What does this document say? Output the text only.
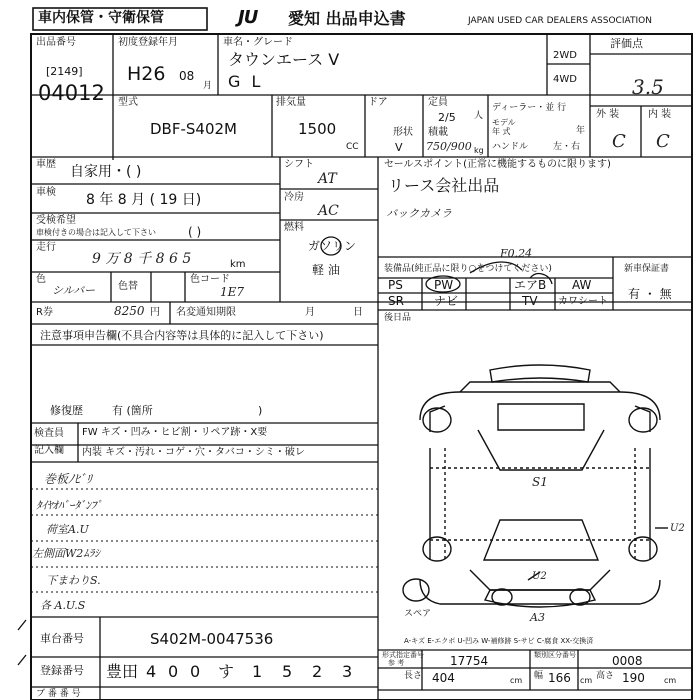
車内保管・守衛保管	JU 愛知 出品申込書	JAPAN USED CAR DEALERS ASSOCIATION
出品番号
[2149]
04012
初度登録年月
H26 08
月
車名・グレード
タウンエース V
G L
2WD
4WD
評価点
3.5
型式
DBF-S402M
排気量
1500
CC
ドア	定員
2/5 人
形状
V
積載
750/900 kg
ディーラー・並 行
モデル
年 式	年
ハンドル	左・右
外 装	内 装
C C
車歴 自家用・( )
車検 8 年 8 月 ( 19 日)
受検希望
車検付きの場合は記入して下さい	( )
走行
9 万 8 千 8 6 5	km
色
シルバー 色替
色コード
1E7
R券	8250 円 名変通知期限	月	日
シフト
AT
冷房
AC
燃料
ガソリン
軽 油
セールスポイント(正常に機能するものに限ります)
リース会社出品
バックカメラ
装備品(純正品に限り○をつけてください)
F0.24
PS	PW	エアB AW
SR	ナビ	TV カワシート
新車保証書
有 ・ 無
後日品
注意事項申告欄(不具合内容等は具体的に記入して下さい)
修復歴	有 (箇所	)
検査員
記入欄
FW キズ・凹み・ヒビ割・リペア跡・X要
内装 キズ・汚れ・コゲ・穴・タバコ・シミ・破レ
巻板ﾉﾋﾞﾘ
ﾀｲﾔｵﾊﾞｰﾀﾞﾝﾌﾟ
荷室A.U
左側面W2ﾑﾗｼ
下まわりS.
各 A.U.S
S1
U2
U2
A3
スペア
A-キズ E-エクボ U-凹み W-補修跡 S-サビ C-腐食 XX-交換済
車台番号	S402M-0047536
登録番号 豊田 4 0 0 す 1 5 2 3
ブ 番 番 号
形式指定番号
参 考	17754	類別区分番号	0008
長さ 404	cm 幅 166 cm 高さ 190 cm
